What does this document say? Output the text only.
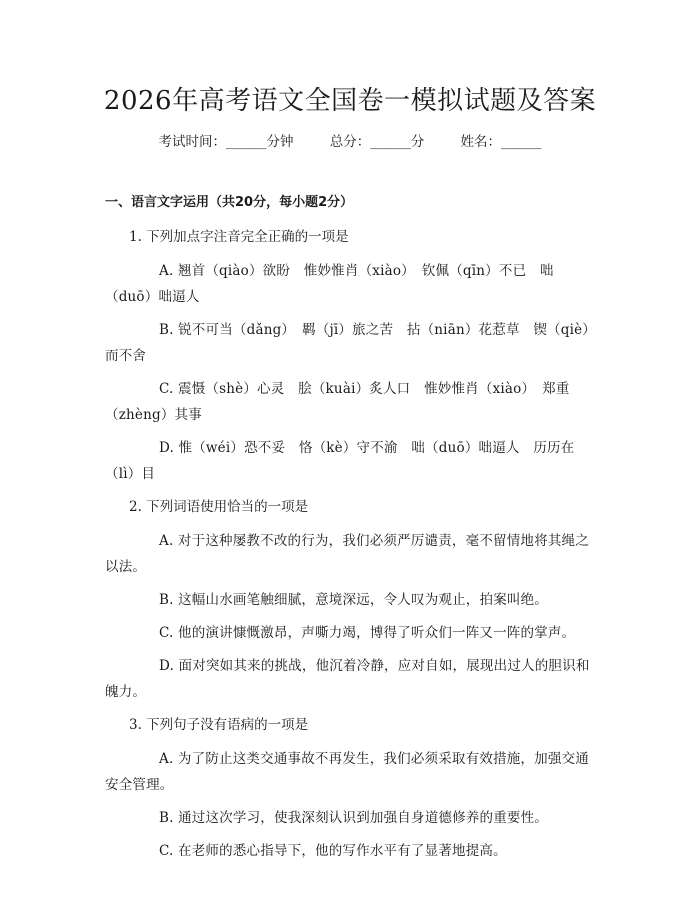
2026年高考语文全国卷一模拟试题及答案
考试时间：______分钟	总分：______分	姓名：______
一、语言文字运用（共20分，每小题2分）
1. 下列加点字注音完全正确的一项是
A. 翘首（qiào）欲盼　惟妙惟肖（xiào）　钦佩（qīn）不已　咄（duō）咄逼人
B. 锐不可当（dǎng）　羁（jī）旅之苦　拈（niān）花惹草　锲（qiè）而不舍
C. 震慑（shè）心灵　脍（kuài）炙人口　惟妙惟肖（xiào）　郑重（zhèng）其事
D. 惟（wéi）恐不妥　恪（kè）守不渝　咄（duō）咄逼人　历历在（lì）目
2. 下列词语使用恰当的一项是
A. 对于这种屡教不改的行为，我们必须严厉谴责，毫不留情地将其绳之以法。
B. 这幅山水画笔触细腻，意境深远，令人叹为观止，拍案叫绝。
C. 他的演讲慷慨激昂，声嘶力竭，博得了听众们一阵又一阵的掌声。
D. 面对突如其来的挑战，他沉着冷静，应对自如，展现出过人的胆识和魄力。
3. 下列句子没有语病的一项是
A. 为了防止这类交通事故不再发生，我们必须采取有效措施，加强交通安全管理。
B. 通过这次学习，使我深刻认识到加强自身道德修养的重要性。
C. 在老师的悉心指导下，他的写作水平有了显著地提高。
